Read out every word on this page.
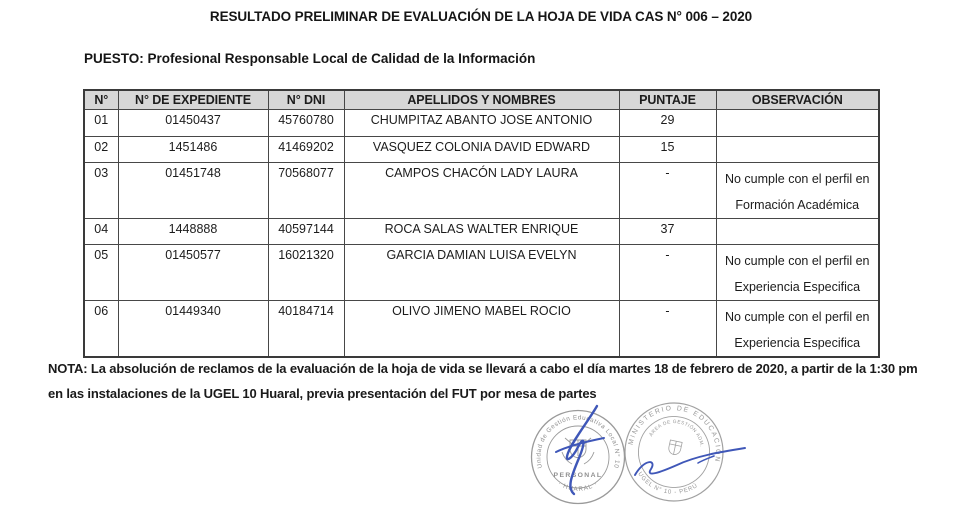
RESULTADO PRELIMINAR DE EVALUACIÓN DE LA HOJA DE VIDA CAS N° 006 – 2020
PUESTO: Profesional Responsable Local de Calidad de la Información
N°	N° DE EXPEDIENTE	N° DNI	APELLIDOS Y NOMBRES	PUNTAJE	OBSERVACIÓN
01	01450437	45760780	CHUMPITAZ ABANTO JOSE ANTONIO	29	
02	1451486	41469202	VASQUEZ COLONIA DAVID EDWARD	15	
03	01451748	70568077	CAMPOS CHACÓN LADY LAURA	-	No cumple con el perfil en
Formación Académica

04	1448888	40597144	ROCA SALAS WALTER ENRIQUE	37	
05	01450577	16021320	GARCIA DAMIAN LUISA EVELYN	-	No cumple con el perfil en
Experiencia Especifica

06	01449340	40184714	OLIVO JIMENO MABEL ROCIO	-	No cumple con el perfil en
Experiencia Especifica
NOTA: La absolución de reclamos de la evaluación de la hoja de vida se llevará a cabo el día martes 18 de febrero de 2020, a partir de la 1:30 pm
en las instalaciones de la UGEL 10 Huaral, previa presentación del FUT por mesa de partes
Unidad de Gestión Educativa Local N° 10
PERSONAL
· HUARAL ·
MINISTERIO DE EDUCACIÓN
ÁREA DE GESTIÓN ADM.
UGEL N° 10 - PERÚ
